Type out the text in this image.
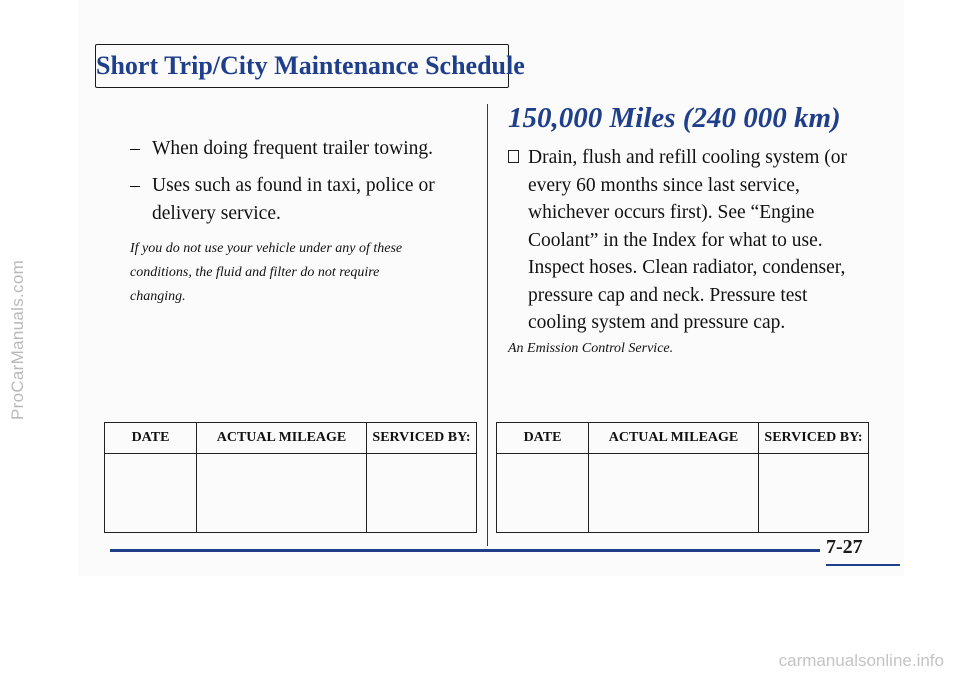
ProCarManuals.com
Short Trip/City Maintenance Schedule
– When doing frequent trailer towing.
– Uses such as found in taxi, police or delivery service.
If you do not use your vehicle under any of these conditions, the fluid and filter do not require changing.
150,000 Miles (240 000 km)
Drain, flush and refill cooling system (or every 60 months since last service, whichever occurs first). See “Engine Coolant” in the Index for what to use. Inspect hoses. Clean radiator, condenser, pressure cap and neck. Pressure test cooling system and pressure cap.
An Emission Control Service.
DATE	ACTUAL MILEAGE	SERVICED BY:
			DATE	ACTUAL MILEAGE	SERVICED BY:

7-27
carmanualsonline.info
